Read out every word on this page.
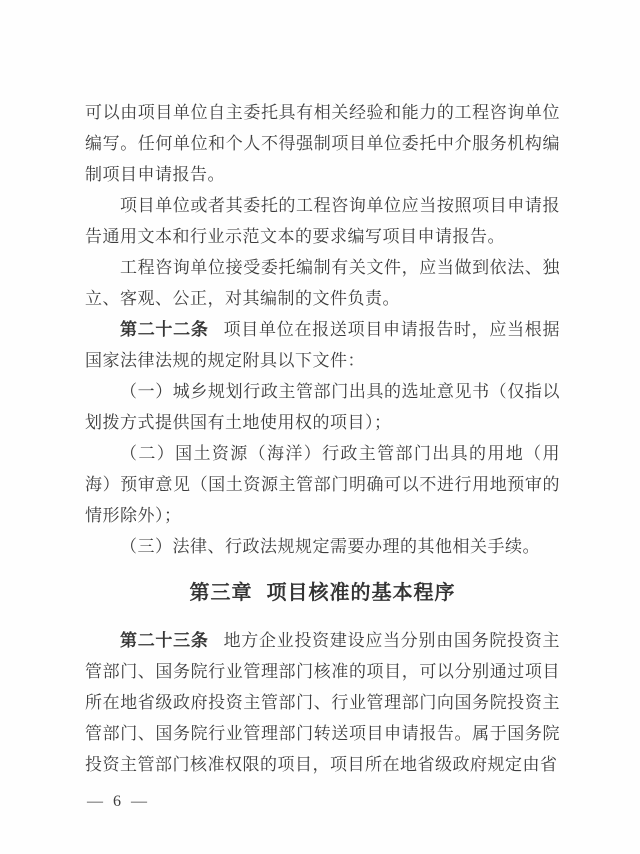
可以由项目单位自主委托具有相关经验和能力的工程咨询单位编写。任何单位和个人不得强制项目单位委托中介服务机构编制项目申请报告。

项目单位或者其委托的工程咨询单位应当按照项目申请报告通用文本和行业示范文本的要求编写项目申请报告。

工程咨询单位接受委托编制有关文件，应当做到依法、独立、客观、公正，对其编制的文件负责。

第二十二条 项目单位在报送项目申请报告时，应当根据国家法律法规的规定附具以下文件：

（一）城乡规划行政主管部门出具的选址意见书（仅指以划拨方式提供国有土地使用权的项目）；

（二）国土资源（海洋）行政主管部门出具的用地（用海）预审意见（国土资源主管部门明确可以不进行用地预审的情形除外）；

（三）法律、行政法规规定需要办理的其他相关手续。

第三章 项目核准的基本程序

第二十三条 地方企业投资建设应当分别由国务院投资主管部门、国务院行业管理部门核准的项目，可以分别通过项目所在地省级政府投资主管部门、行业管理部门向国务院投资主管部门、国务院行业管理部门转送项目申请报告。属于国务院投资主管部门核准权限的项目，项目所在地省级政府规定由省

— 6 —
